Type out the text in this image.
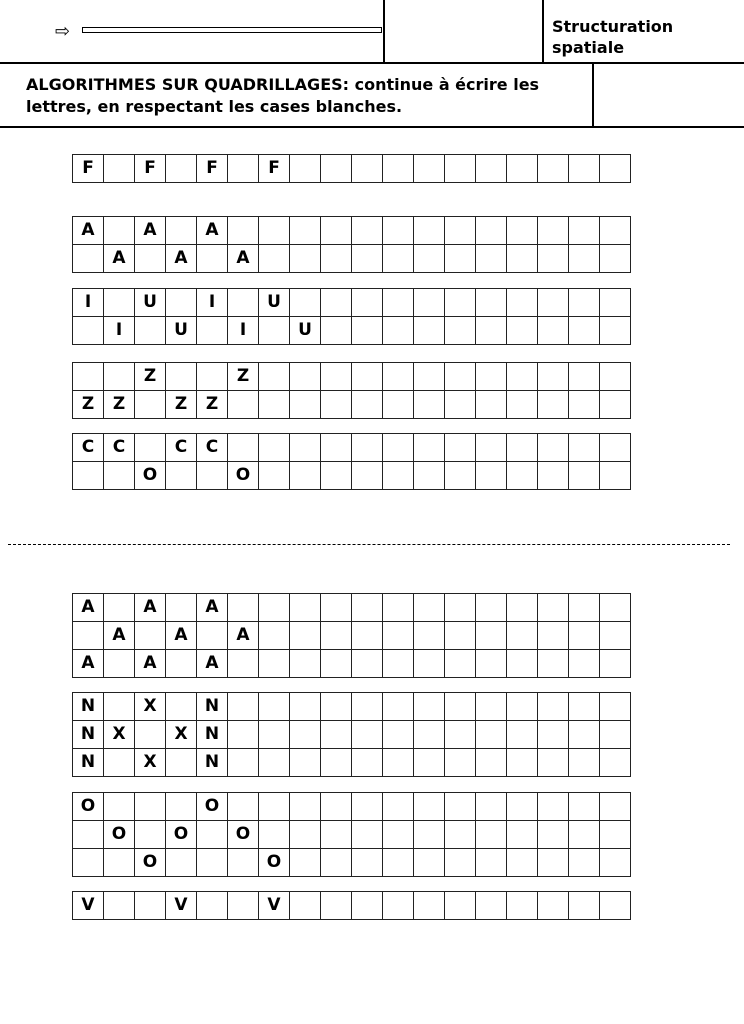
⇨	Structuration
spatiale
ALGORITHMES SUR QUADRILLAGES: continue à écrire les
lettres, en respectant les cases blanches.
F		F		F		F											
A		A		A													
	A		A		A												
I		U		I		U											
	I		U		I		U										
		Z			Z												
Z	Z		Z	Z													
C	C		C	C													
		O			O												
A		A		A													
	A		A		A												
A		A		A													
N		X		N													
N	X		X	N													
N		X		N													
O				O													
	O		O		O												
		O				O											
V			V			V											
